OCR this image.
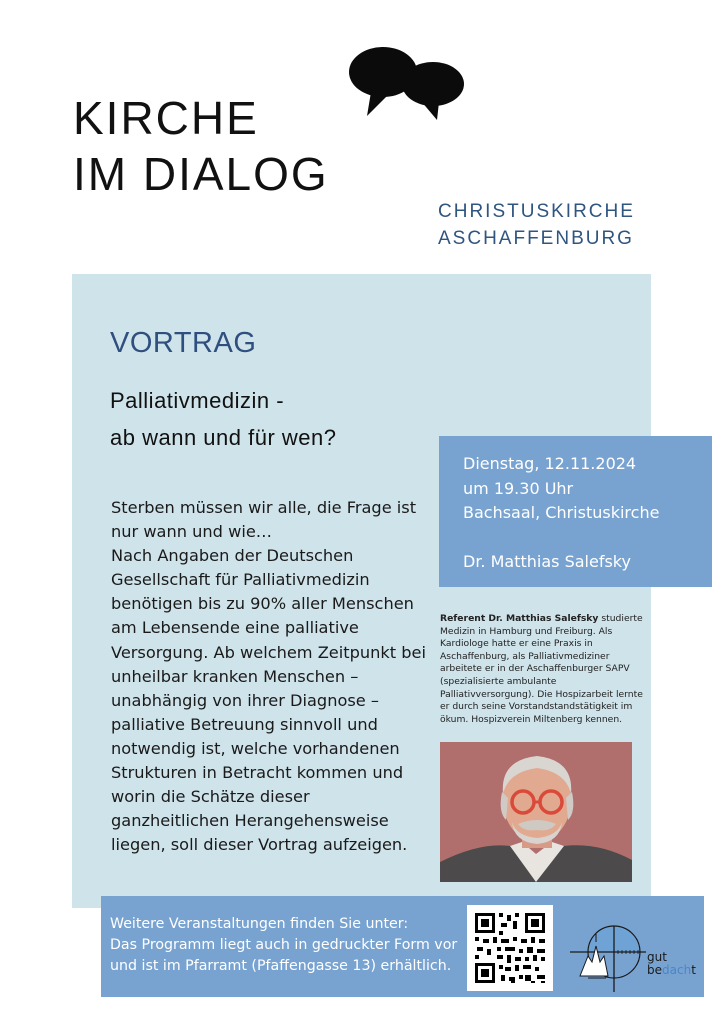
KIRCHE
IM DIALOG
CHRISTUSKIRCHE
ASCHAFFENBURG
VORTRAG
Palliativmedizin -
ab wann und für wen?
Sterben müssen wir alle, die Frage ist
nur wann und wie…
Nach Angaben der Deutschen
Gesellschaft für Palliativmedizin
benötigen bis zu 90% aller Menschen
am Lebensende eine palliative
Versorgung. Ab welchem Zeitpunkt bei
unheilbar kranken Menschen –
unabhängig von ihrer Diagnose –
palliative Betreuung sinnvoll und
notwendig ist, welche vorhandenen
Strukturen in Betracht kommen und
worin die Schätze dieser
ganzheitlichen Herangehensweise
liegen, soll dieser Vortrag aufzeigen.
Dienstag, 12.11.2024
um 19.30 Uhr
Bachsaal, Christuskirche
Dr. Matthias Salefsky
Referent Dr. Matthias Salefsky studierte
Medizin in Hamburg und Freiburg. Als
Kardiologe hatte er eine Praxis in
Aschaffenburg, als Palliativmediziner
arbeitete er in der Aschaffenburger SAPV
(spezialisierte ambulante
Palliativversorgung). Die Hospizarbeit lernte
er durch seine Vorstandstandstätigkeit im
ökum. Hospizverein Miltenberg kennen.
Weitere Veranstaltungen finden Sie unter:
Das Programm liegt auch in gedruckter Form vor
und ist im Pfarramt (Pfaffengasse 13) erhältlich.
gut
bedacht
